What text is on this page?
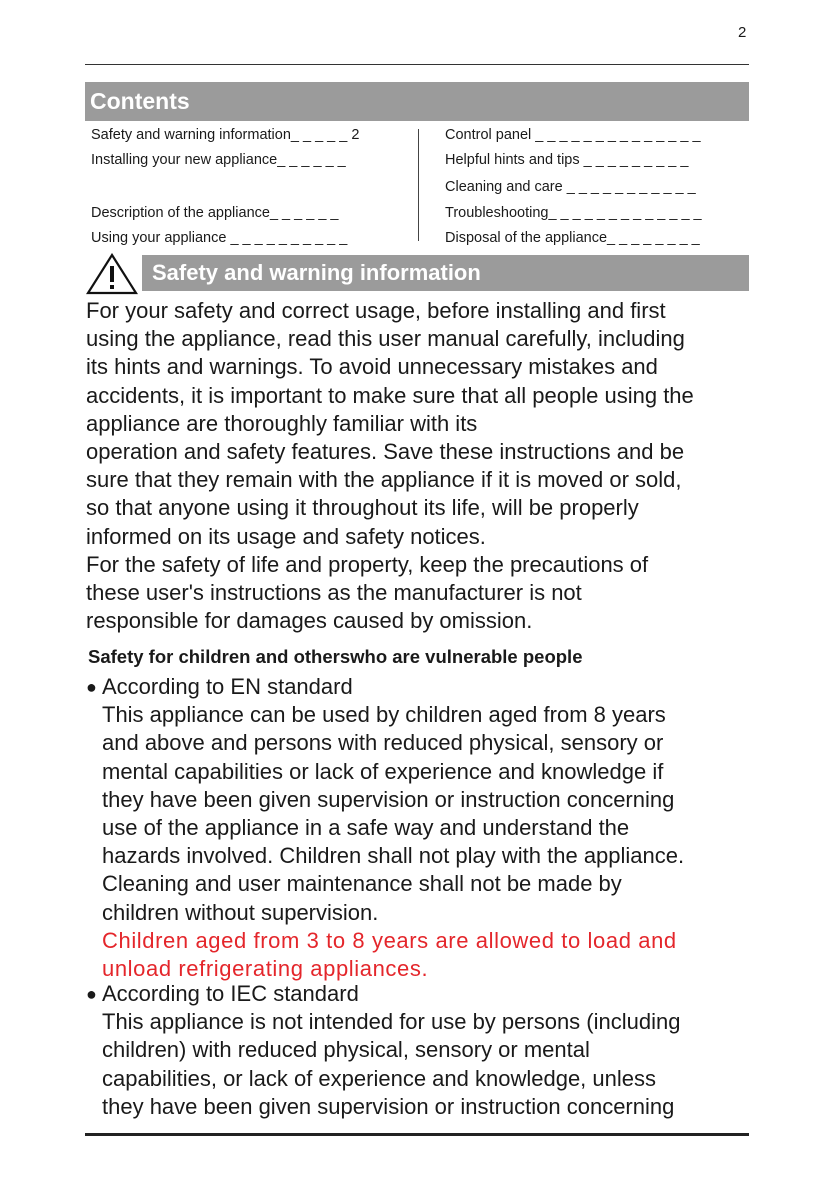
2
Contents
Safety and warning information_ _ _ _ _ 2
Installing your new appliance_ _ _ _ _ _
Description of the appliance_ _ _ _ _ _
Using your appliance _ _ _ _ _ _ _ _ _ _
Control panel _ _ _ _ _ _ _ _ _ _ _ _ _ _
Helpful hints and tips _ _ _ _ _ _ _ _ _
Cleaning and care _ _ _ _ _ _ _ _ _ _ _
Troubleshooting_ _ _ _ _ _ _ _ _ _ _ _ _
Disposal of the appliance_ _ _ _ _ _ _ _
Safety and warning information

For your safety and correct usage, before installing and first

using the appliance, read this user manual carefully, including

its hints and warnings. To avoid unnecessary mistakes and

accidents, it is important to make sure that all people using the

appliance are thoroughly familiar with its

operation and safety features. Save these instructions and be

sure that they remain with the appliance if it is moved or sold,

so that anyone using it throughout its life, will be properly

informed on its usage and safety notices.

For the safety of life and property, keep the precautions of

these user's instructions as the manufacturer is not

responsible for damages caused by omission.

Safety for children and otherswho are vulnerable people
● According to EN standard
This appliance can be used by children aged from 8 years
and above and persons with reduced physical, sensory or
mental capabilities or lack of experience and knowledge if
they have been given supervision or instruction concerning
use of the appliance in a safe way and understand the
hazards involved. Children shall not play with the appliance.
Cleaning and user maintenance shall not be made by
children without supervision.
Children aged from 3 to 8 years are allowed to load and
unload refrigerating appliances.
● According to IEC standard
This appliance is not intended for use by persons (including
children) with reduced physical, sensory or mental
capabilities, or lack of experience and knowledge, unless
they have been given supervision or instruction concerning
